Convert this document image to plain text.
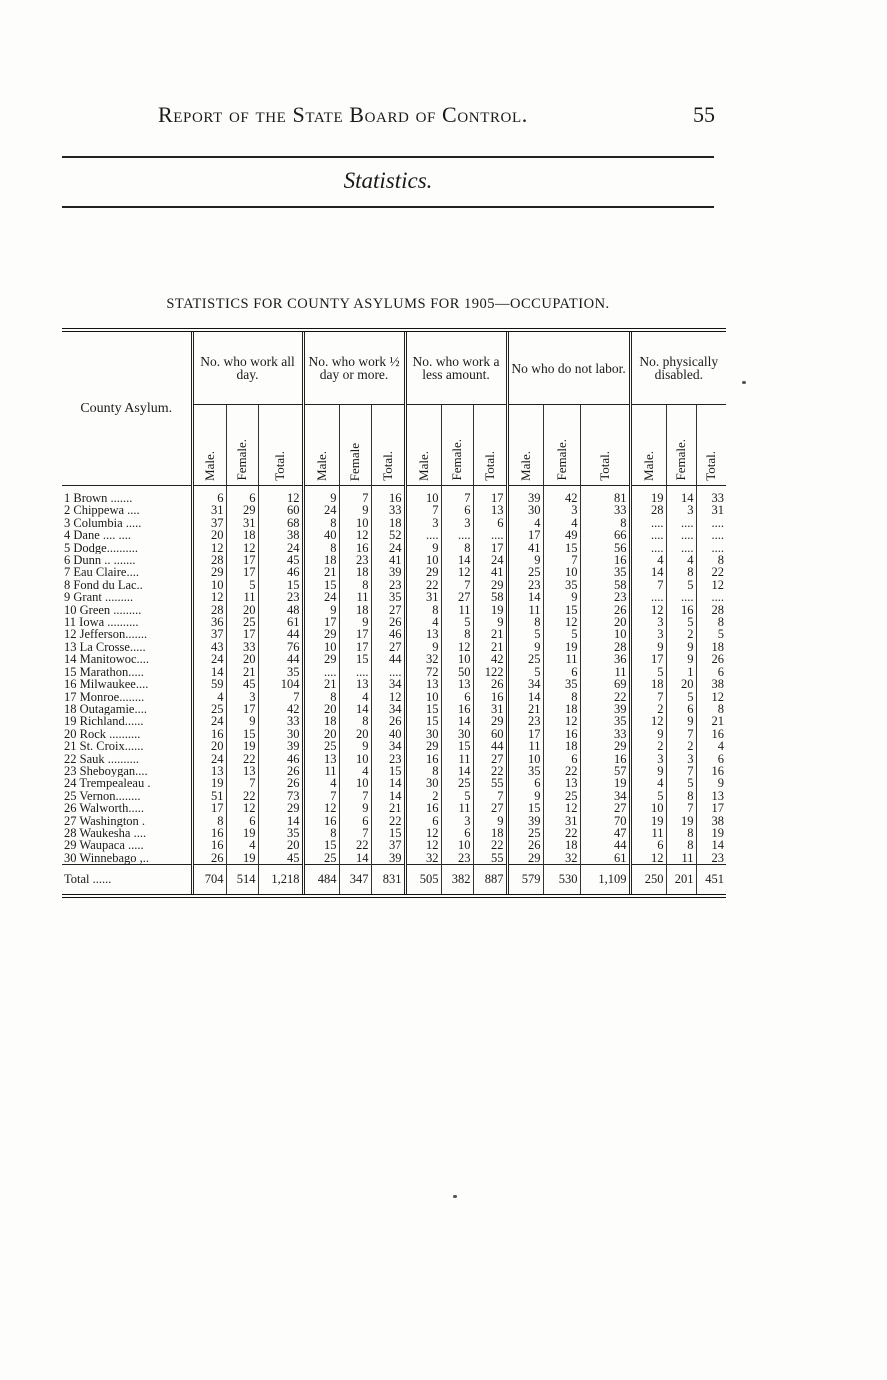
Report of the State Board of Control.	55
Statistics.
STATISTICS FOR COUNTY ASYLUMS FOR 1905—OCCUPATION.
County Asylum.	No. who work all day.			No. who work ½ day or more.			No. who work a less amount.			No who do not labor.			No. physically disabled.		
	Male.	Female.	Total.	Male.	Female	Total.	Male.	Female.	Total.	Male.	Female.	Total.	Male.	Female.	Total.
1 Brown .......	6	6	12	9	7	16	10	7	17	39	42	81	19	14	33
2 Chippewa ....	31	29	60	24	9	33	7	6	13	30	3	33	28	3	31
3 Columbia .....	37	31	68	8	10	18	3	3	6	4	4	8	....	....	....
4 Dane .... ....	20	18	38	40	12	52	....	....	....	17	49	66	....	....	....
5 Dodge..........	12	12	24	8	16	24	9	8	17	41	15	56	....	....	....
6 Dunn .. .......	28	17	45	18	23	41	10	14	24	9	7	16	4	4	8
7 Eau Claire....	29	17	46	21	18	39	29	12	41	25	10	35	14	8	22
8 Fond du Lac..	10	5	15	15	8	23	22	7	29	23	35	58	7	5	12
9 Grant .........	12	11	23	24	11	35	31	27	58	14	9	23	....	....	....
10 Green .........	28	20	48	9	18	27	8	11	19	11	15	26	12	16	28
11 Iowa ..........	36	25	61	17	9	26	4	5	9	8	12	20	3	5	8
12 Jefferson.......	37	17	44	29	17	46	13	8	21	5	5	10	3	2	5
13 La Crosse.....	43	33	76	10	17	27	9	12	21	9	19	28	9	9	18
14 Manitowoc....	24	20	44	29	15	44	32	10	42	25	11	36	17	9	26
15 Marathon.....	14	21	35	....	....	....	72	50	122	5	6	11	5	1	6
16 Milwaukee....	59	45	104	21	13	34	13	13	26	34	35	69	18	20	38
17 Monroe........	4	3	7	8	4	12	10	6	16	14	8	22	7	5	12
18 Outagamie....	25	17	42	20	14	34	15	16	31	21	18	39	2	6	8
19 Richland......	24	9	33	18	8	26	15	14	29	23	12	35	12	9	21
20 Rock ..........	16	15	30	20	20	40	30	30	60	17	16	33	9	7	16
21 St. Croix......	20	19	39	25	9	34	29	15	44	11	18	29	2	2	4
22 Sauk ..........	24	22	46	13	10	23	16	11	27	10	6	16	3	3	6
23 Sheboygan....	13	13	26	11	4	15	8	14	22	35	22	57	9	7	16
24 Trempealeau .	19	7	26	4	10	14	30	25	55	6	13	19	4	5	9
25 Vernon........	51	22	73	7	7	14	2	5	7	9	25	34	5	8	13
26 Walworth.....	17	12	29	12	9	21	16	11	27	15	12	27	10	7	17
27 Washington .	8	6	14	16	6	22	6	3	9	39	31	70	19	19	38
28 Waukesha ....	16	19	35	8	7	15	12	6	18	25	22	47	11	8	19
29 Waupaca .....	16	4	20	15	22	37	12	10	22	26	18	44	6	8	14
30 Winnebago ,..	26	19	45	25	14	39	32	23	55	29	32	61	12	11	23
Total ......	704	514	1,218	484	347	831	505	382	887	579	530	1,109	250	201	451
